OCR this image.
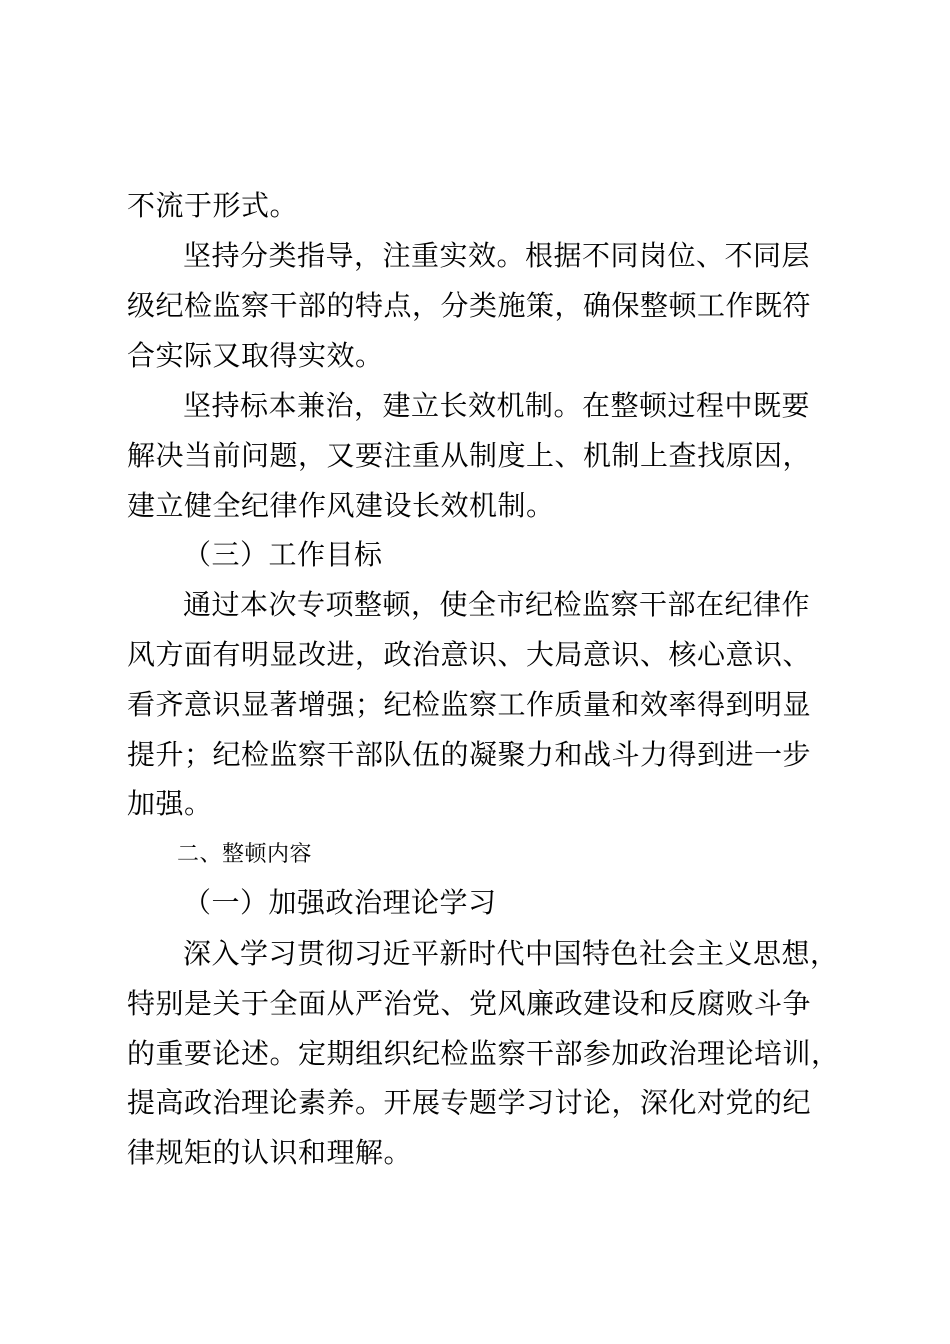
不流于形式。
坚持分类指导，注重实效。根据不同岗位、不同层
级纪检监察干部的特点，分类施策，确保整顿工作既符
合实际又取得实效。
坚持标本兼治，建立长效机制。在整顿过程中既要
解决当前问题，又要注重从制度上、机制上查找原因，
建立健全纪律作风建设长效机制。
（三）工作目标
通过本次专项整顿，使全市纪检监察干部在纪律作
风方面有明显改进，政治意识、大局意识、核心意识、
看齐意识显著增强；纪检监察工作质量和效率得到明显
提升；纪检监察干部队伍的凝聚力和战斗力得到进一步
加强。
二、整顿内容
（一）加强政治理论学习
深入学习贯彻习近平新时代中国特色社会主义思想，
特别是关于全面从严治党、党风廉政建设和反腐败斗争
的重要论述。定期组织纪检监察干部参加政治理论培训，
提高政治理论素养。开展专题学习讨论，深化对党的纪
律规矩的认识和理解。
